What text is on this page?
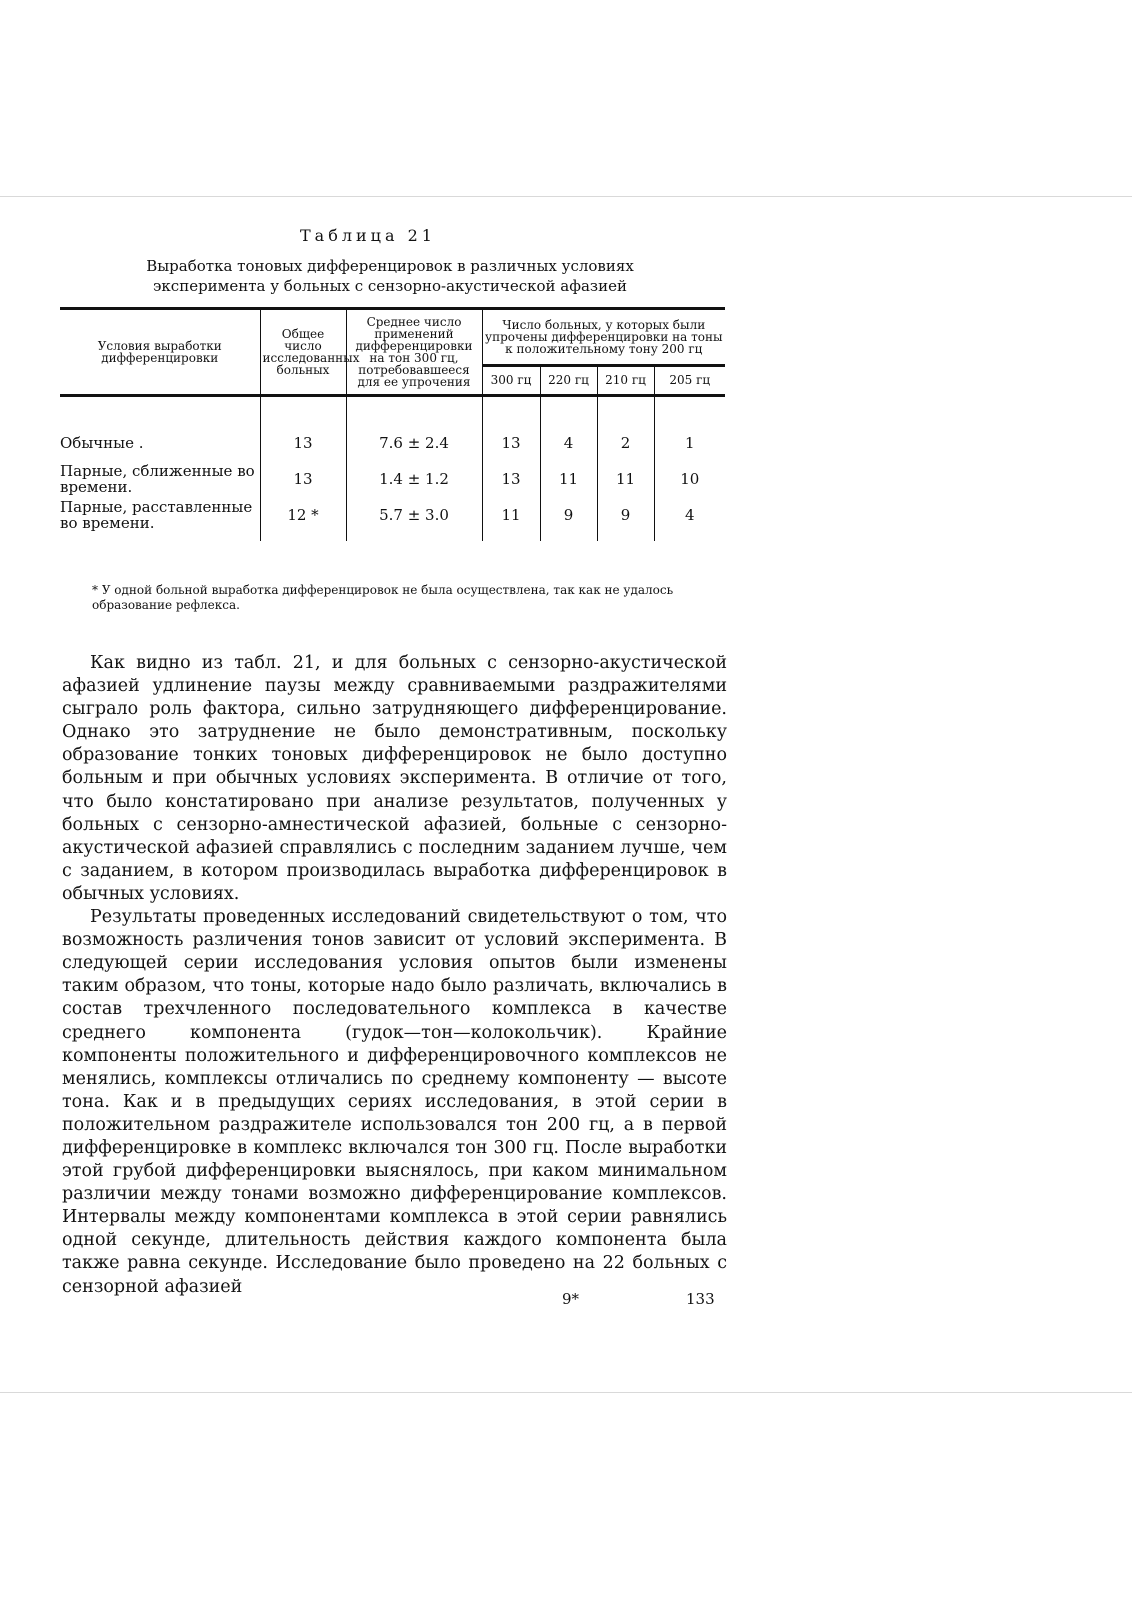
Таблица 21
Выработка тоновых дифференцировок в различных условиях эксперимента у больных с сензорно-акустической афазией
Условия выработки дифференцировки	Общее число исследованных больных	Среднее число применений дифференцировки на тон 300 гц, потребовавшееся для ее упрочения	Число больных, у которых были упрочены дифференцировки на тоны к положительному тону 200 гц			
			300 гц	220 гц	210 гц	205 гц
Обычные .	13	7.6 ± 2.4	13	4	2	1
Парные, сближенные во времени.	13	1.4 ± 1.2	13	11	11	10
Парные, расставленные во времени.	12 *	5.7 ± 3.0	11	9	9	4

* У одной больной выработка дифференцировок не была осуществлена, так как не удалось образование рефлекса.

Как видно из табл. 21, и для больных с сензорно-акустической афазией удлинение паузы между сравниваемыми раздражителями сыграло роль фактора, сильно затрудняющего дифференцирование. Однако это затруднение не было демонстративным, поскольку образование тонких тоновых дифференцировок не было доступно больным и при обычных условиях эксперимента. В отличие от того, что было констатировано при анализе результатов, полученных у больных с сензорно-амнестической афазией, больные с сензорно-акустической афазией справлялись с последним заданием лучше, чем с заданием, в котором производилась выработка дифференцировок в обычных условиях.

Результаты проведенных исследований свидетельствуют о том, что возможность различения тонов зависит от условий эксперимента. В следующей серии исследования условия опытов были изменены таким образом, что тоны, которые надо было различать, включались в состав трехчленного последовательного комплекса в качестве среднего компонента (гудок—тон—колокольчик). Крайние компоненты положительного и дифференцировочного комплексов не менялись, комплексы отличались по среднему компоненту — высоте тона. Как и в предыдущих сериях исследования, в этой серии в положительном раздражителе использовался тон 200 гц, а в первой дифференцировке в комплекс включался тон 300 гц. После выработки этой грубой дифференцировки выяснялось, при каком минимальном различии между тонами возможно дифференцирование комплексов. Интервалы между компонентами комплекса в этой серии равнялись одной секунде, длительность действия каждого компонента была также равна секунде. Исследование было проведено на 22 больных с сензорной афазией

9*	133
